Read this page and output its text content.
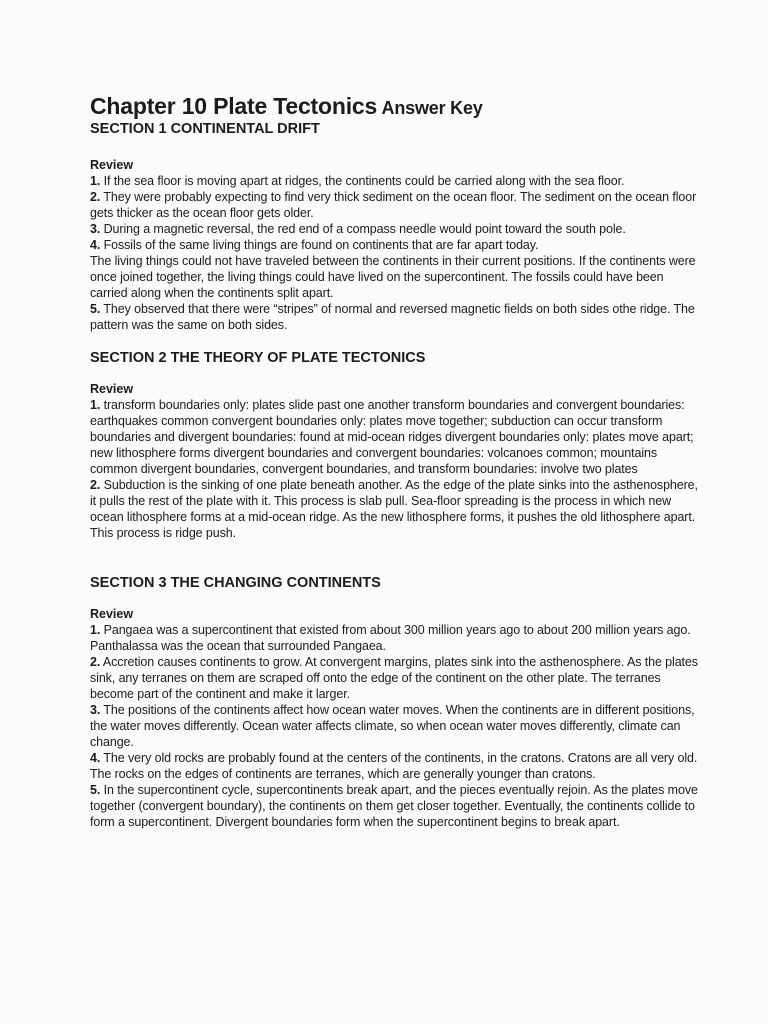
Chapter 10 Plate Tectonics Answer Key
SECTION 1 CONTINENTAL DRIFT
Review

1. If the sea floor is moving apart at ridges, the continents could be carried along with the sea floor.

2. They were probably expecting to find very thick sediment on the ocean floor. The sediment on the ocean floor gets thicker as the ocean floor gets older.

3. During a magnetic reversal, the red end of a compass needle would point toward the south pole.

4. Fossils of the same living things are found on continents that are far apart today.

The living things could not have traveled between the continents in their current positions. If the continents were once joined together, the living things could have lived on the supercontinent. The fossils could have been carried along when the continents split apart.

5. They observed that there were “stripes” of normal and reversed magnetic fields on both sides othe ridge. The pattern was the same on both sides.

SECTION 2 THE THEORY OF PLATE TECTONICS
Review

1. transform boundaries only: plates slide past one another transform boundaries and convergent boundaries: earthquakes common convergent boundaries only: plates move together; subduction can occur transform boundaries and divergent boundaries: found at mid-ocean ridges divergent boundaries only: plates move apart; new lithosphere forms divergent boundaries and convergent boundaries: volcanoes common; mountains common divergent boundaries, convergent boundaries, and transform boundaries: involve two plates

2. Subduction is the sinking of one plate beneath another. As the edge of the plate sinks into the asthenosphere, it pulls the rest of the plate with it. This process is slab pull. Sea-floor spreading is the process in which new ocean lithosphere forms at a mid-ocean ridge. As the new lithosphere forms, it pushes the old lithosphere apart. This process is ridge push.

SECTION 3 THE CHANGING CONTINENTS
Review

1. Pangaea was a supercontinent that existed from about 300 million years ago to about 200 million years ago. Panthalassa was the ocean that surrounded Pangaea.

2. Accretion causes continents to grow. At convergent margins, plates sink into the asthenosphere. As the plates sink, any terranes on them are scraped off onto the edge of the continent on the other plate. The terranes become part of the continent and make it larger.

3. The positions of the continents affect how ocean water moves. When the continents are in different positions, the water moves differently. Ocean water affects climate, so when ocean water moves differently, climate can change.

4. The very old rocks are probably found at the centers of the continents, in the cratons. Cratons are all very old. The rocks on the edges of continents are terranes, which are generally younger than cratons.

5. In the supercontinent cycle, supercontinents break apart, and the pieces eventually rejoin. As the plates move together (convergent boundary), the continents on them get closer together. Eventually, the continents collide to form a supercontinent. Divergent boundaries form when the supercontinent begins to break apart.
